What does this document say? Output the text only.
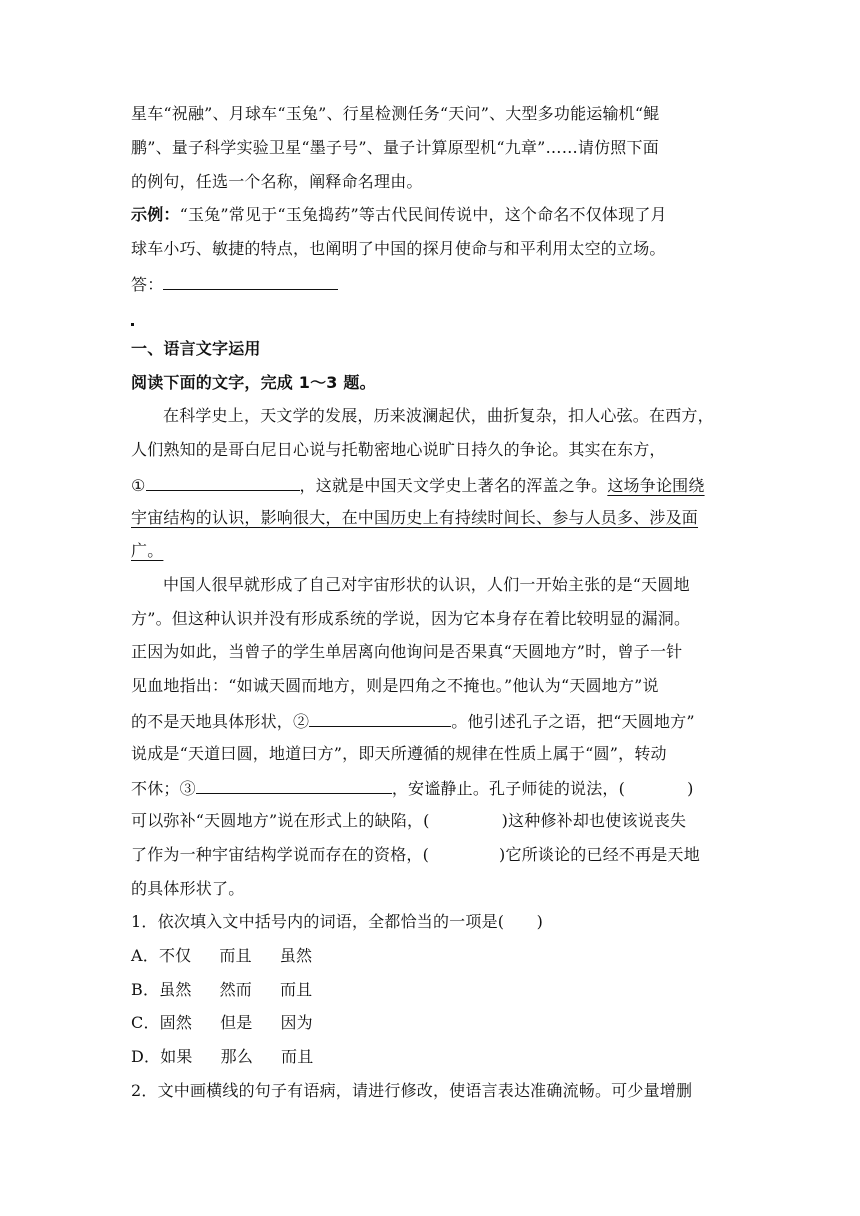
星车“祝融”、月球车“玉兔”、行星检测任务“天问”、大型多功能运输机“鲲
鹏”、量子科学实验卫星“墨子号”、量子计算原型机“九章”……请仿照下面
的例句，任选一个名称，阐释命名理由。
示例：“玉兔”常见于“玉兔捣药”等古代民间传说中，这个命名不仅体现了月
球车小巧、敏捷的特点，也阐明了中国的探月使命与和平利用太空的立场。
答：
一、语言文字运用
阅读下面的文字，完成 1～3 题。
在科学史上，天文学的发展，历来波澜起伏，曲折复杂，扣人心弦。在西方，
人们熟知的是哥白尼日心说与托勒密地心说旷日持久的争论。其实在东方，
①	，这就是中国天文学史上著名的浑盖之争。这场争论围绕
宇宙结构的认识，影响很大，在中国历史上有持续时间长、参与人员多、涉及面
广。
中国人很早就形成了自己对宇宙形状的认识，人们一开始主张的是“天圆地
方”。但这种认识并没有形成系统的学说，因为它本身存在着比较明显的漏洞。
正因为如此，当曾子的学生单居离向他询问是否果真“天圆地方”时，曾子一针
见血地指出：“如诚天圆而地方，则是四角之不掩也。”他认为“天圆地方”说
的不是天地具体形状，②	。他引述孔子之语，把“天圆地方”
说成是“天道曰圆，地道曰方”，即天所遵循的规律在性质上属于“圆”，转动
不休；③	，安谧静止。孔子师徒的说法，(	)
可以弥补“天圆地方”说在形式上的缺陷，(	)这种修补却也使该说丧失
了作为一种宇宙结构学说而存在的资格，(	)它所谈论的已经不再是天地
的具体形状了。
1．依次填入文中括号内的词语，全都恰当的一项是(　　)
A．不仅 而且 虽然
B．虽然 然而 而且
C．固然 但是 因为
D．如果 那么 而且
2．文中画横线的句子有语病，请进行修改，使语言表达准确流畅。可少量增删
